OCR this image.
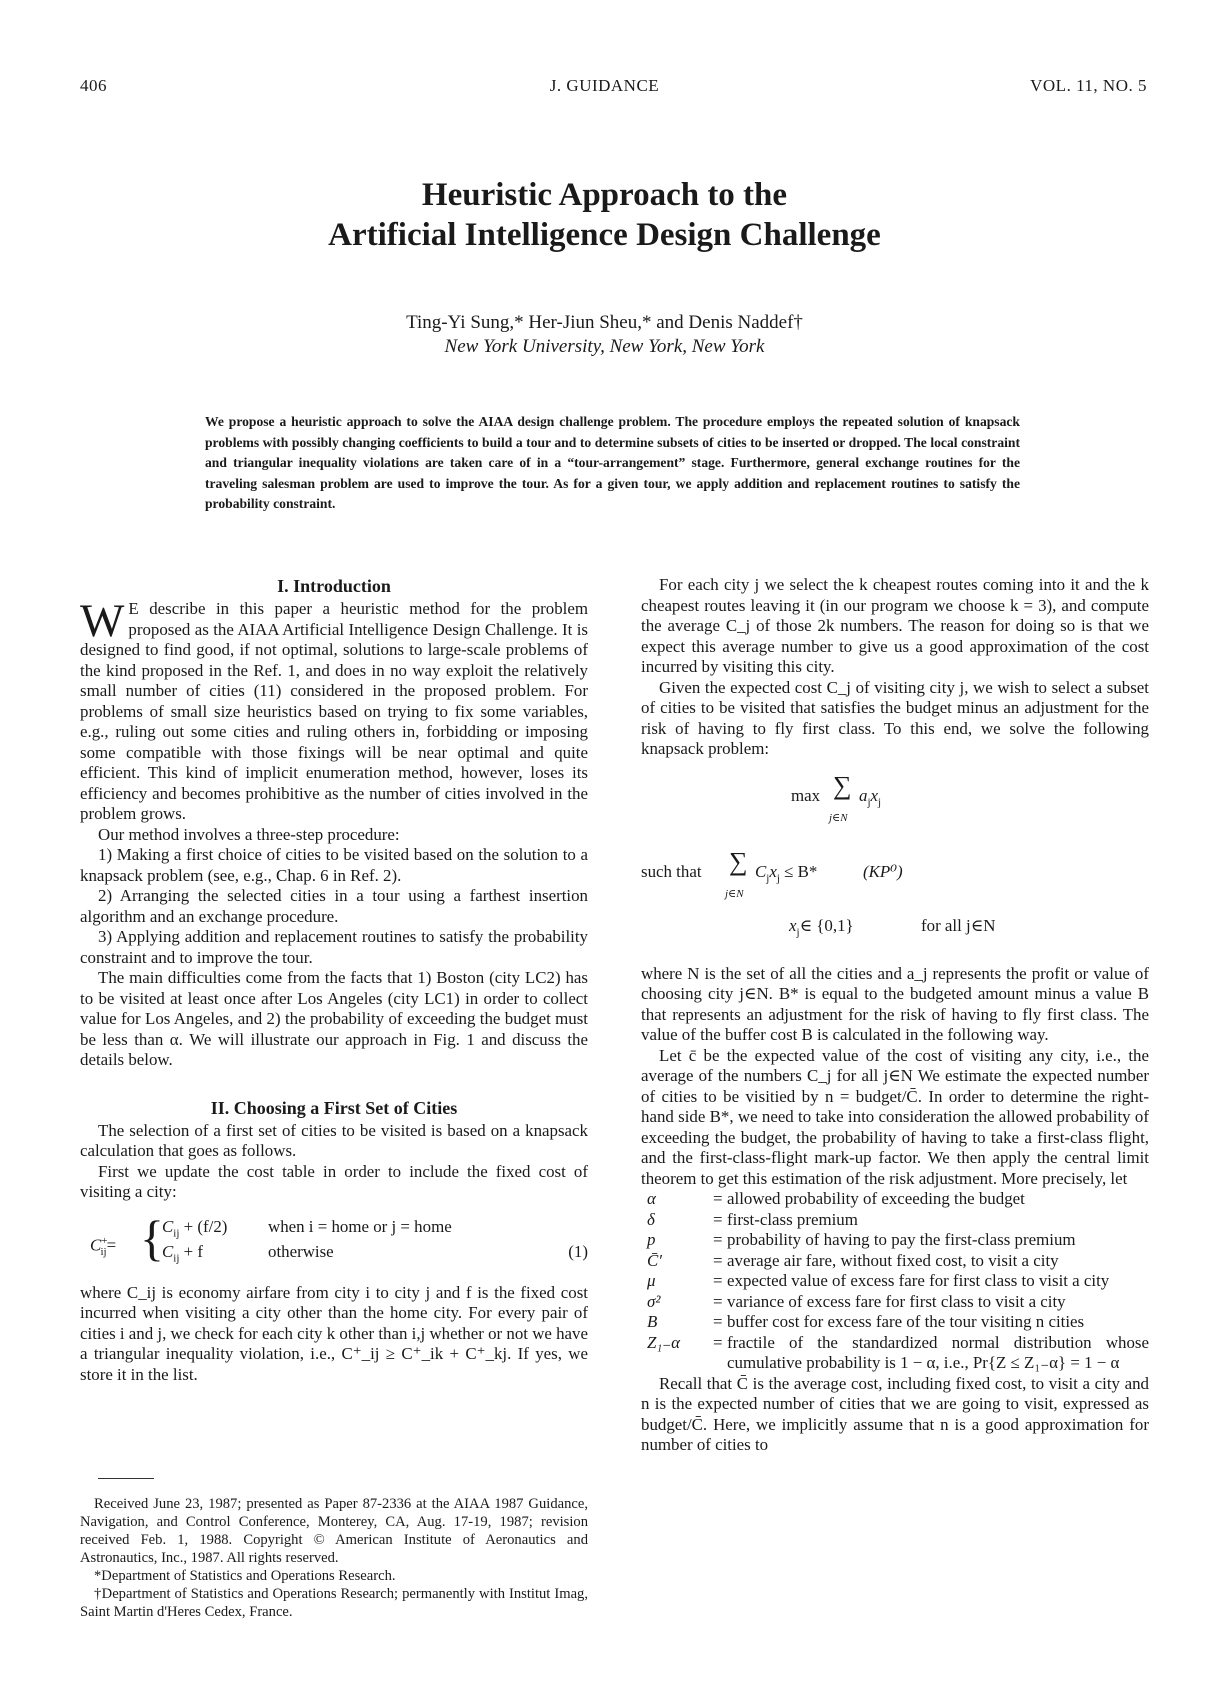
406	J. GUIDANCE	VOL. 11, NO. 5
Heuristic Approach to the
Artificial Intelligence Design Challenge
Ting-Yi Sung,* Her-Jiun Sheu,* and Denis Naddef†
New York University, New York, New York
We propose a heuristic approach to solve the AIAA design challenge problem. The procedure employs the repeated solution of knapsack problems with possibly changing coefficients to build a tour and to determine subsets of cities to be inserted or dropped. The local constraint and triangular inequality violations are taken care of in a “tour-arrangement” stage. Furthermore, general exchange routines for the traveling salesman problem are used to improve the tour. As for a given tour, we apply addition and replacement routines to satisfy the probability constraint.
I. Introduction

W E describe in this paper a heuristic method for the problem proposed as the AIAA Artificial Intelligence Design Challenge. It is designed to find good, if not optimal, solutions to large-scale problems of the kind proposed in the Ref. 1, and does in no way exploit the relatively small number of cities (11) considered in the proposed problem. For problems of small size heuristics based on trying to fix some variables, e.g., ruling out some cities and ruling others in, forbidding or imposing some compatible with those fixings will be near optimal and quite efficient. This kind of implicit enumeration method, however, loses its efficiency and becomes prohibitive as the number of cities involved in the problem grows.

Our method involves a three-step procedure:

1) Making a first choice of cities to be visited based on the solution to a knapsack problem (see, e.g., Chap. 6 in Ref. 2).

2) Arranging the selected cities in a tour using a farthest insertion algorithm and an exchange procedure.

3) Applying addition and replacement routines to satisfy the probability constraint and to improve the tour.

The main difficulties come from the facts that 1) Boston (city LC2) has to be visited at least once after Los Angeles (city LC1) in order to collect value for Los Angeles, and 2) the probability of exceeding the budget must be less than α. We will illustrate our approach in Fig. 1 and discuss the details below.

II. Choosing a First Set of Cities

The selection of a first set of cities to be visited is based on a knapsack calculation that goes as follows.

First we update the cost table in order to include the fixed cost of visiting a city:

$C^+_{ij}=$ {
$C_{ij} + (f/2)$
$C_{ij} + f$
when i = home or j = home
otherwise	(1)

where C_ij is economy airfare from city i to city j and f is the fixed cost incurred when visiting a city other than the home city. For every pair of cities i and j, we check for each city k other than i,j whether or not we have a triangular inequality violation, i.e., C⁺_ij ≥ C⁺_ik + C⁺_kj. If yes, we store it in the list.

Received June 23, 1987; presented as Paper 87-2336 at the AIAA 1987 Guidance, Navigation, and Control Conference, Monterey, CA, Aug. 17-19, 1987; revision received Feb. 1, 1988. Copyright © American Institute of Aeronautics and Astronautics, Inc., 1987. All rights reserved.

*Department of Statistics and Operations Research.

†Department of Statistics and Operations Research; permanently with Institut Imag, Saint Martin d'Heres Cedex, France.

For each city j we select the k cheapest routes coming into it and the k cheapest routes leaving it (in our program we choose k = 3), and compute the average C_j of those 2k numbers. The reason for doing so is that we expect this average number to give us a good approximation of the cost incurred by visiting this city.

Given the expected cost C_j of visiting city j, we wish to select a subset of cities to be visited that satisfies the budget minus an adjustment for the risk of having to fly first class. To this end, we solve the following knapsack problem:

max ∑
j∈N
$a_jx_j$
such that ∑
j∈N
$C_jx_j \le B*$	(KP⁰)
$x_j\in$ {0,1}	for all j∈N

where N is the set of all the cities and a_j represents the profit or value of choosing city j∈N. B* is equal to the budgeted amount minus a value B that represents an adjustment for the risk of having to fly first class. The value of the buffer cost B is calculated in the following way.

Let c̄ be the expected value of the cost of visiting any city, i.e., the average of the numbers C_j for all j∈N We estimate the expected number of cities to be visitied by n = budget/C̄. In order to determine the right-hand side B*, we need to take into consideration the allowed probability of exceeding the budget, the probability of having to take a first-class flight, and the first-class-flight mark-up factor. We then apply the central limit theorem to get this estimation of the risk adjustment. More precisely, let

α	=	allowed probability of exceeding the budget
δ	=	first-class premium
p	=	probability of having to pay the first-class premium
C̄′	=	average air fare, without fixed cost, to visit a city
μ	=	expected value of excess fare for first class to visit a city
σ²	=	variance of excess fare for first class to visit a city
B	=	buffer cost for excess fare of the tour visiting n cities
Z₁₋α	=	fractile of the standardized normal distribution whose cumulative probability is 1 − α, i.e., Pr{Z ≤ Z₁₋α} = 1 − α

Recall that C̄ is the average cost, including fixed cost, to visit a city and n is the expected number of cities that we are going to visit, expressed as budget/C̄. Here, we implicitly assume that n is a good approximation for number of cities to
